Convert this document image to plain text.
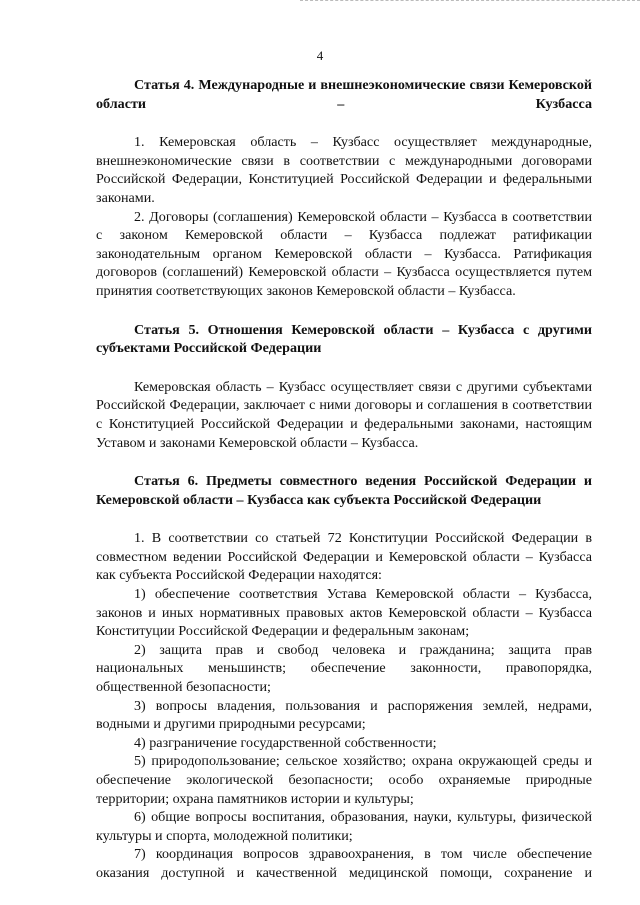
4

Статья 4. Международные и внешнеэкономические связи Кемеровской области – Кузбасса

1. Кемеровская область – Кузбасс осуществляет международные, внешнеэкономические связи в соответствии с международными договорами Российской Федерации, Конституцией Российской Федерации и федеральными законами.

2. Договоры (соглашения) Кемеровской области – Кузбасса в соответствии с законом Кемеровской области – Кузбасса подлежат ратификации законодательным органом Кемеровской области – Кузбасса. Ратификация договоров (соглашений) Кемеровской области – Кузбасса осуществляется путем принятия соответствующих законов Кемеровской области – Кузбасса.

Статья 5. Отношения Кемеровской области – Кузбасса с другими субъектами Российской Федерации

Кемеровская область – Кузбасс осуществляет связи с другими субъектами Российской Федерации, заключает с ними договоры и соглашения в соответствии с Конституцией Российской Федерации и федеральными законами, настоящим Уставом и законами Кемеровской области – Кузбасса.

Статья 6. Предметы совместного ведения Российской Федерации и Кемеровской области – Кузбасса как субъекта Российской Федерации

1. В соответствии со статьей 72 Конституции Российской Федерации в совместном ведении Российской Федерации и Кемеровской области – Кузбасса как субъекта Российской Федерации находятся:

1) обеспечение соответствия Устава Кемеровской области – Кузбасса, законов и иных нормативных правовых актов Кемеровской области – Кузбасса Конституции Российской Федерации и федеральным законам;

2) защита прав и свобод человека и гражданина; защита прав национальных меньшинств; обеспечение законности, правопорядка, общественной безопасности;

3) вопросы владения, пользования и распоряжения землей, недрами, водными и другими природными ресурсами;

4) разграничение государственной собственности;

5) природопользование; сельское хозяйство; охрана окружающей среды и обеспечение экологической безопасности; особо охраняемые природные территории; охрана памятников истории и культуры;

6) общие вопросы воспитания, образования, науки, культуры, физической культуры и спорта, молодежной политики;

7) координация вопросов здравоохранения, в том числе обеспечение оказания доступной и качественной медицинской помощи, сохранение и
